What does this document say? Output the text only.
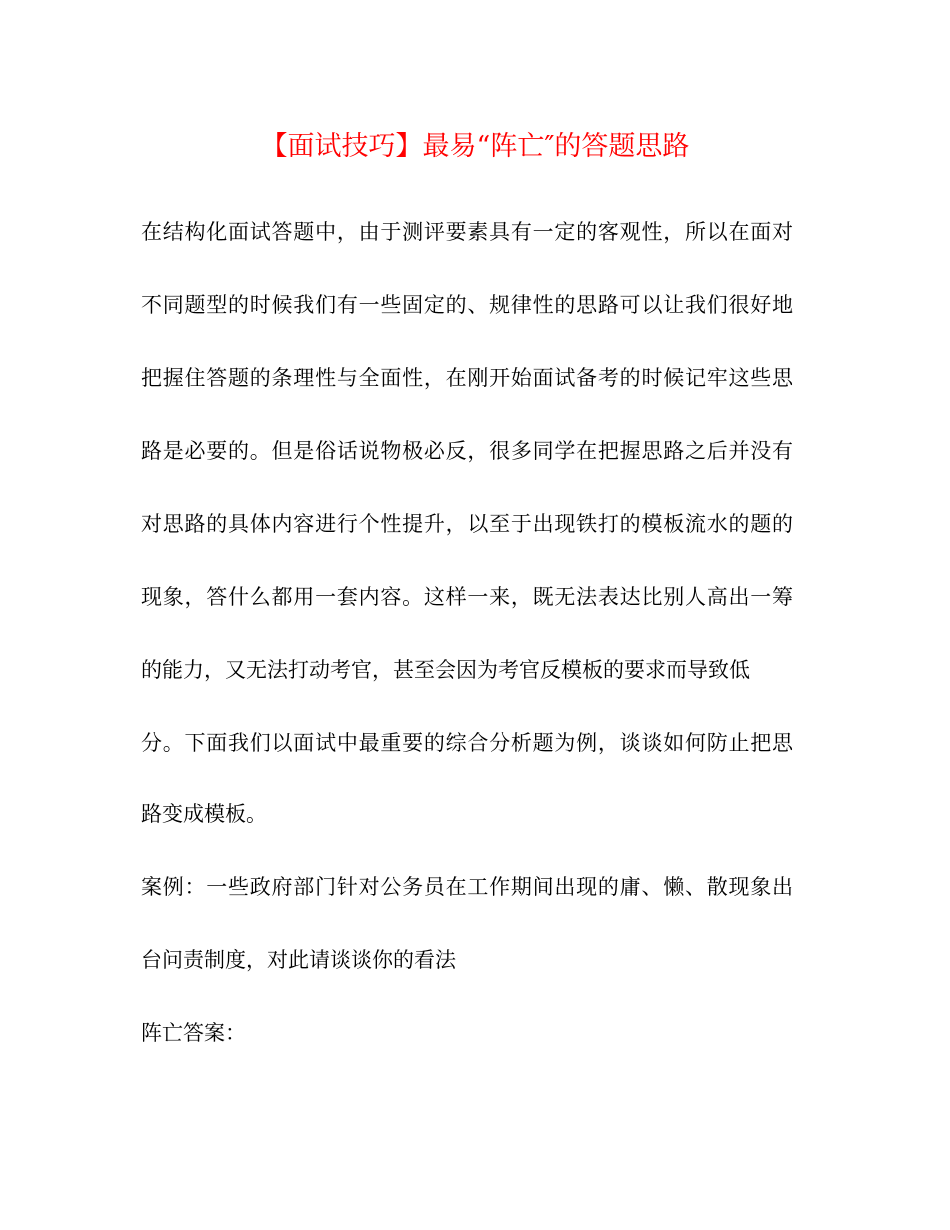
【面试技巧】最易“阵亡″的答题思路

在结构化面试答题中，由于测评要素具有一定的客观性，所以在面对

不同题型的时候我们有一些固定的、规律性的思路可以让我们很好地

把握住答题的条理性与全面性，在刚开始面试备考的时候记牢这些思

路是必要的。但是俗话说物极必反，很多同学在把握思路之后并没有

对思路的具体内容进行个性提升，以至于出现铁打的模板流水的题的

现象，答什么都用一套内容。这样一来，既无法表达比别人高出一筹

的能力，又无法打动考官，甚至会因为考官反模板的要求而导致低

分。下面我们以面试中最重要的综合分析题为例，谈谈如何防止把思

路变成模板。

案例：一些政府部门针对公务员在工作期间出现的庸、懒、散现象出

台问责制度，对此请谈谈你的看法

阵亡答案：
